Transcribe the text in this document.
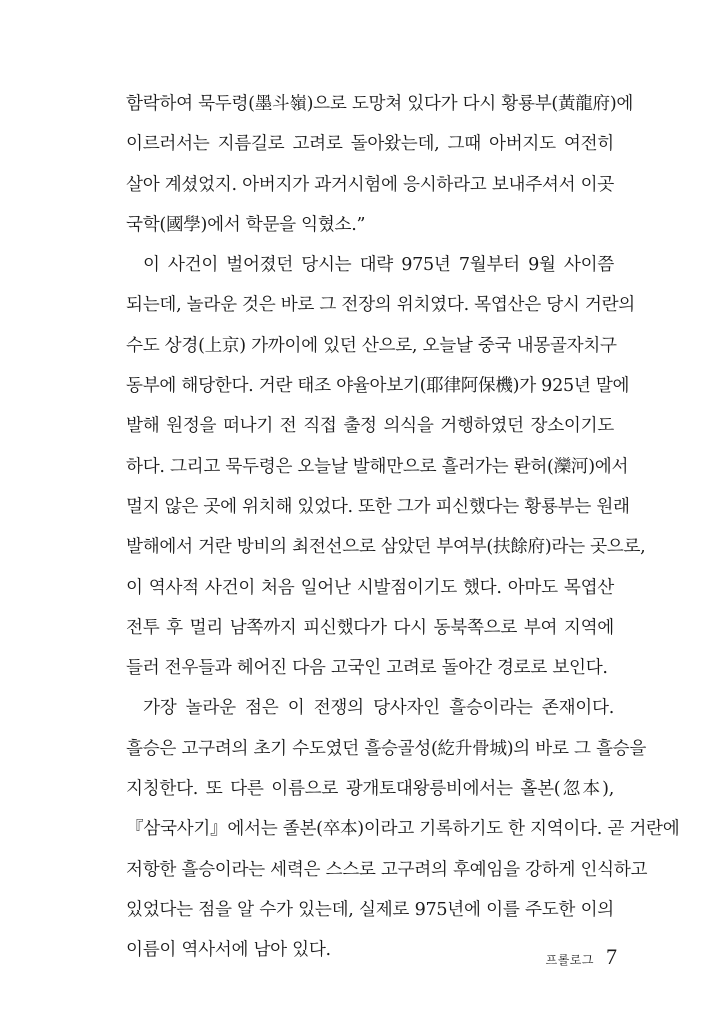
함락하여 묵두령(墨斗嶺)으로 도망쳐 있다가 다시 황룡부(黃龍府)에
이르러서는 지름길로 고려로 돌아왔는데, 그때 아버지도 여전히
살아 계셨었지. 아버지가 과거시험에 응시하라고 보내주셔서 이곳
국학(國學)에서 학문을 익혔소.”
이 사건이 벌어졌던 당시는 대략 975년 7월부터 9월 사이쯤
되는데, 놀라운 것은 바로 그 전장의 위치였다. 목엽산은 당시 거란의
수도 상경(上京) 가까이에 있던 산으로, 오늘날 중국 내몽골자치구
동부에 해당한다. 거란 태조 야율아보기(耶律阿保機)가 925년 말에
발해 원정을 떠나기 전 직접 출정 의식을 거행하였던 장소이기도
하다. 그리고 묵두령은 오늘날 발해만으로 흘러가는 롼허(灤河)에서
멀지 않은 곳에 위치해 있었다. 또한 그가 피신했다는 황룡부는 원래
발해에서 거란 방비의 최전선으로 삼았던 부여부(扶餘府)라는 곳으로,
이 역사적 사건이 처음 일어난 시발점이기도 했다. 아마도 목엽산
전투 후 멀리 남쪽까지 피신했다가 다시 동북쪽으로 부여 지역에
들러 전우들과 헤어진 다음 고국인 고려로 돌아간 경로로 보인다.
가장 놀라운 점은 이 전쟁의 당사자인 흘승이라는 존재이다.
흘승은 고구려의 초기 수도였던 흘승골성(紇升骨城)의 바로 그 흘승을
지칭한다. 또 다른 이름으로 광개토대왕릉비에서는 홀본(忽本),
『삼국사기』에서는 졸본(卒本)이라고 기록하기도 한 지역이다. 곧 거란에
저항한 흘승이라는 세력은 스스로 고구려의 후예임을 강하게 인식하고
있었다는 점을 알 수가 있는데, 실제로 975년에 이를 주도한 이의
이름이 역사서에 남아 있다.	프롤로그 7
